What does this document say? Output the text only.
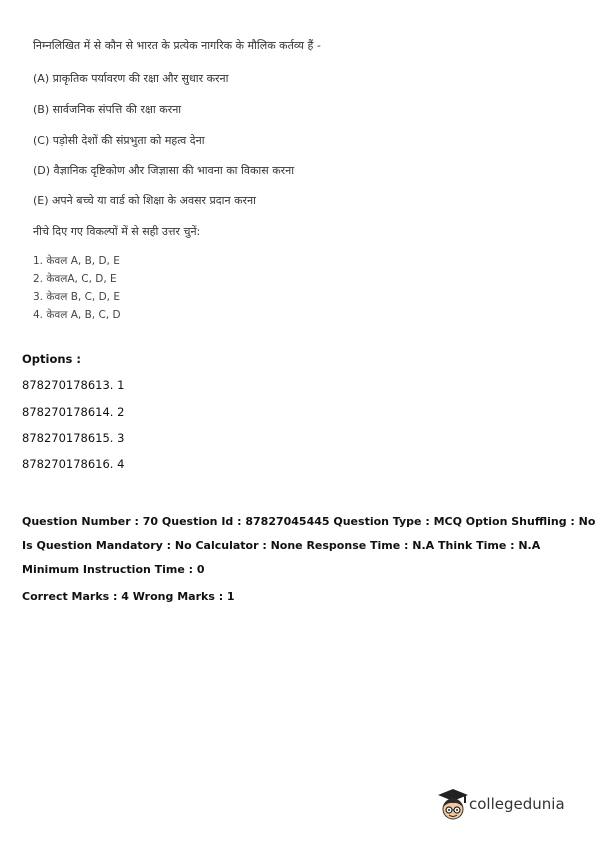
निम्नलिखित में से कौन से भारत के प्रत्येक नागरिक के मौलिक कर्तव्य हैं -
(A) प्राकृतिक पर्यावरण की रक्षा और सुधार करना
(B) सार्वजनिक संपत्ति की रक्षा करना
(C) पड़ोसी देशों की संप्रभुता को महत्व देना
(D) वैज्ञानिक दृष्टिकोण और जिज्ञासा की भावना का विकास करना
(E) अपने बच्चे या वार्ड को शिक्षा के अवसर प्रदान करना
नीचे दिए गए विकल्पों में से सही उत्तर चुनें:
1. केवल A, B, D, E
2. केवलA, C, D, E
3. केवल B, C, D, E
4. केवल A, B, C, D
Options :
878270178613. 1
878270178614. 2
878270178615. 3
878270178616. 4
Question Number : 70 Question Id : 87827045445 Question Type : MCQ Option Shuffling : No
Is Question Mandatory : No Calculator : None Response Time : N.A Think Time : N.A
Minimum Instruction Time : 0
Correct Marks : 4 Wrong Marks : 1
collegedunia
